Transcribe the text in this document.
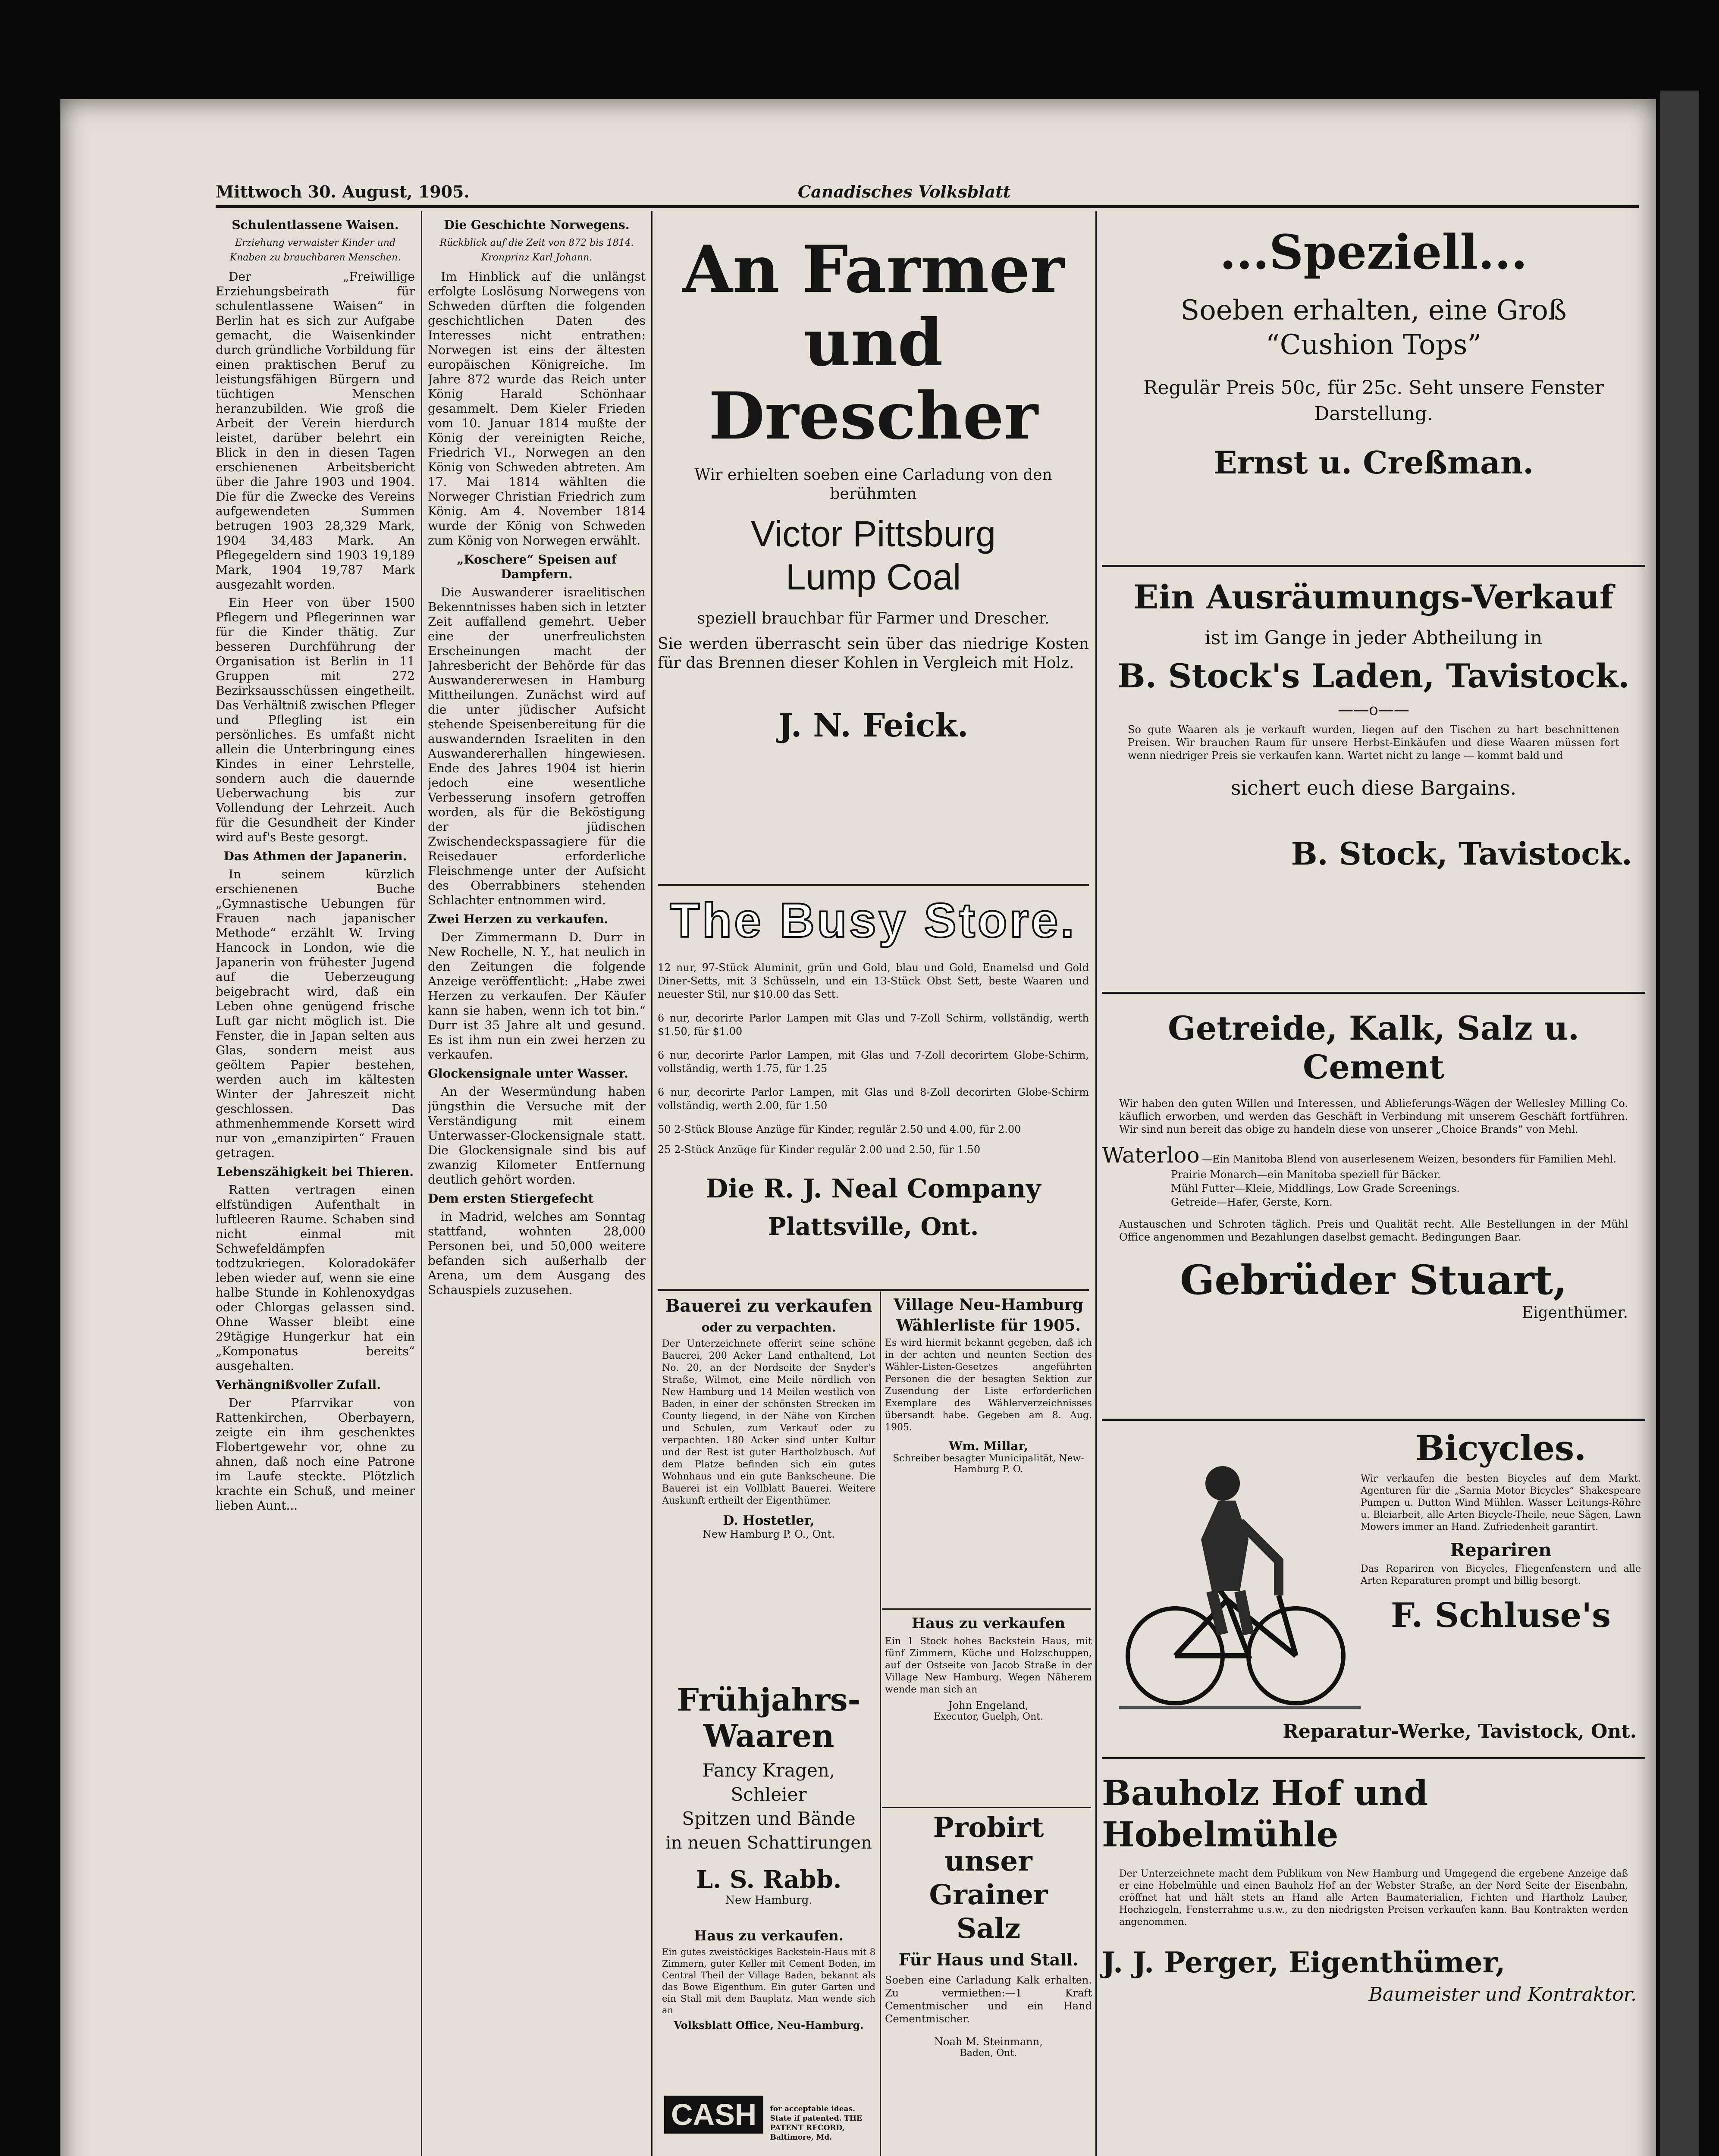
Mittwoch 30. August, 1905.	Canadisches Volksblatt
Schulentlassene Waisen.
Erziehung verwaister Kinder und Knaben zu brauchbaren Menschen.

Der „Freiwillige Erziehungsbeirath für schulentlassene Waisen“ in Berlin hat es sich zur Aufgabe gemacht, die Waisenkinder durch gründliche Vorbildung für einen praktischen Beruf zu leistungsfähigen Bürgern und tüchtigen Menschen heranzubilden. Wie groß die Arbeit der Verein hierdurch leistet, darüber belehrt ein Blick in den in diesen Tagen erschienenen Arbeitsbericht über die Jahre 1903 und 1904. Die für die Zwecke des Vereins aufgewendeten Summen betrugen 1903 28,329 Mark, 1904 34,483 Mark. An Pflegegeldern sind 1903 19,189 Mark, 1904 19,787 Mark ausgezahlt worden.

Ein Heer von über 1500 Pflegern und Pflegerinnen war für die Kinder thätig. Zur besseren Durchführung der Organisation ist Berlin in 11 Gruppen mit 272 Bezirksausschüssen eingetheilt. Das Verhältniß zwischen Pfleger und Pflegling ist ein persönliches. Es umfaßt nicht allein die Unterbringung eines Kindes in einer Lehrstelle, sondern auch die dauernde Ueberwachung bis zur Vollendung der Lehrzeit. Auch für die Gesundheit der Kinder wird auf's Beste gesorgt.

Das Athmen der Japanerin.

In seinem kürzlich erschienenen Buche „Gymnastische Uebungen für Frauen nach japanischer Methode“ erzählt W. Irving Hancock in London, wie die Japanerin von frühester Jugend auf die Ueberzeugung beigebracht wird, daß ein Leben ohne genügend frische Luft gar nicht möglich ist. Die Fenster, die in Japan selten aus Glas, sondern meist aus geöltem Papier bestehen, werden auch im kältesten Winter der Jahreszeit nicht geschlossen. Das athmenhemmende Korsett wird nur von „emanzipirten“ Frauen getragen.

Lebenszähigkeit bei Thieren.

Ratten vertragen einen elfstündigen Aufenthalt in luftleeren Raume. Schaben sind nicht einmal mit Schwefeldämpfen todtzukriegen. Koloradokäfer leben wieder auf, wenn sie eine halbe Stunde in Kohlenoxydgas oder Chlorgas gelassen sind. Ohne Wasser bleibt eine 29tägige Hungerkur hat ein „Komponatus bereits“ ausgehalten.

Verhängnißvoller Zufall.

Der Pfarrvikar von Rattenkirchen, Oberbayern, zeigte ein ihm geschenktes Flobertgewehr vor, ohne zu ahnen, daß noch eine Patrone im Laufe steckte. Plötzlich krachte ein Schuß, und meiner lieben Aunt...

Die Geschichte Norwegens.
Rückblick auf die Zeit von 872 bis 1814. Kronprinz Karl Johann.

Im Hinblick auf die unlängst erfolgte Loslösung Norwegens von Schweden dürften die folgenden geschichtlichen Daten des Interesses nicht entrathen: Norwegen ist eins der ältesten europäischen Königreiche. Im Jahre 872 wurde das Reich unter König Harald Schönhaar gesammelt. Dem Kieler Frieden vom 10. Januar 1814 mußte der König der vereinigten Reiche, Friedrich VI., Norwegen an den König von Schweden abtreten. Am 17. Mai 1814 wählten die Norweger Christian Friedrich zum König. Am 4. November 1814 wurde der König von Schweden zum König von Norwegen erwählt.

„Koschere“ Speisen auf Dampfern.

Die Auswanderer israelitischen Bekenntnisses haben sich in letzter Zeit auffallend gemehrt. Ueber eine der unerfreulichsten Erscheinungen macht der Jahresbericht der Behörde für das Auswandererwesen in Hamburg Mittheilungen. Zunächst wird auf die unter jüdischer Aufsicht stehende Speisenbereitung für die auswandernden Israeliten in den Auswandererhallen hingewiesen. Ende des Jahres 1904 ist hierin jedoch eine wesentliche Verbesserung insofern getroffen worden, als für die Beköstigung der jüdischen Zwischendeckspassagiere für die Reisedauer erforderliche Fleischmenge unter der Aufsicht des Oberrabbiners stehenden Schlachter entnommen wird.

Zwei Herzen zu verkaufen.

Der Zimmermann D. Durr in New Rochelle, N. Y., hat neulich in den Zeitungen die folgende Anzeige veröffentlicht: „Habe zwei Herzen zu verkaufen. Der Käufer kann sie haben, wenn ich tot bin.“ Durr ist 35 Jahre alt und gesund. Es ist ihm nun ein zwei herzen zu verkaufen.

Glockensignale unter Wasser.

An der Wesermündung haben jüngsthin die Versuche mit der Verständigung mit einem Unterwasser-Glockensignale statt. Die Glockensignale sind bis auf zwanzig Kilometer Entfernung deutlich gehört worden.

Dem ersten Stiergefecht

in Madrid, welches am Sonntag stattfand, wohnten 28,000 Personen bei, und 50,000 weitere befanden sich außerhalb der Arena, um dem Ausgang des Schauspiels zuzusehen.

An Farmer
und Drescher
Wir erhielten soeben eine Carladung von den berühmten
Victor Pittsburg
Lump Coal
speziell brauchbar für Farmer und Drescher.
Sie werden überrascht sein über das niedrige Kosten für das Brennen dieser Kohlen in Vergleich mit Holz.
J. N. Feick.
The Busy Store.
12 nur, 97-Stück Aluminit, grün und Gold, blau und Gold, Enamelsd und Gold Diner-Setts, mit 3 Schüsseln, und ein 13-Stück Obst Sett, beste Waaren und neuester Stil, nur $10.00 das Sett.
6 nur, decorirte Parlor Lampen mit Glas und 7-Zoll Schirm, vollständig, werth $1.50, für $1.00
6 nur, decorirte Parlor Lampen, mit Glas und 7-Zoll decorirtem Globe-Schirm, vollständig, werth 1.75, für 1.25
6 nur, decorirte Parlor Lampen, mit Glas und 8-Zoll decorirten Globe-Schirm vollständig, werth 2.00, für 1.50
50 2-Stück Blouse Anzüge für Kinder, regulär 2.50 und 4.00, für 2.00
25 2-Stück Anzüge für Kinder regulär 2.00 und 2.50, für 1.50
Die R. J. Neal Company
Plattsville, Ont.
Bauerei zu verkaufen
oder zu verpachten.
Der Unterzeichnete offerirt seine schöne Bauerei, 200 Acker Land enthaltend, Lot No. 20, an der Nordseite der Snyder's Straße, Wilmot, eine Meile nördlich von New Hamburg und 14 Meilen westlich von Baden, in einer der schönsten Strecken im County liegend, in der Nähe von Kirchen und Schulen, zum Verkauf oder zu verpachten. 180 Acker sind unter Kultur und der Rest ist guter Hartholzbusch. Auf dem Platze befinden sich ein gutes Wohnhaus und ein gute Bankscheune. Die Bauerei ist ein Vollblatt Bauerei. Weitere Auskunft ertheilt der Eigenthümer.
D. Hostetler,
New Hamburg P. O., Ont.
Village Neu-Hamburg
Wählerliste für 1905.
Es wird hiermit bekannt gegeben, daß ich in der achten und neunten Section des Wähler-Listen-Gesetzes angeführten Personen die der besagten Sektion zur Zusendung der Liste erforderlichen Exemplare des Wählerverzeichnisses übersandt habe. Gegeben am 8. Aug. 1905.
Wm. Millar,
Schreiber besagter Municipalität, New-Hamburg P. O.
Haus zu verkaufen
Ein 1 Stock hohes Backstein Haus, mit fünf Zimmern, Küche und Holzschuppen, auf der Ostseite von Jacob Straße in der Village New Hamburg. Wegen Näherem wende man sich an
John Engeland,
Executor, Guelph, Ont.
Frühjahrs-
Waaren
Fancy Kragen, Schleier
Spitzen und Bände
in neuen Schattirungen
L. S. Rabb.
New Hamburg.
Haus zu verkaufen.
Ein gutes zweistöckiges Backstein-Haus mit 8 Zimmern, guter Keller mit Cement Boden, im Central Theil der Village Baden, bekannt als das Bowe Eigenthum. Ein guter Garten und ein Stall mit dem Bauplatz. Man wende sich an
Volksblatt Office, Neu-Hamburg.
CASH for acceptable ideas. State if patented. THE PATENT RECORD, Baltimore, Md.
Probirt unser
Grainer
Salz
Für Haus und Stall.
Soeben eine Carladung Kalk erhalten. Zu vermiethen:—1 Kraft Cementmischer und ein Hand Cementmischer.
Noah M. Steinmann,
Baden, Ont.
...Speziell...
Soeben erhalten, eine Groß
“Cushion Tops”
Regulär Preis 50c, für 25c. Seht unsere Fenster Darstellung.
Ernst u. Creßman.
Ein Ausräumungs-Verkauf
ist im Gange in jeder Abtheilung in
B. Stock's Laden, Tavistock.
——o——
So gute Waaren als je verkauft wurden, liegen auf den Tischen zu hart beschnittenen Preisen. Wir brauchen Raum für unsere Herbst-Einkäufen und diese Waaren müssen fort wenn niedriger Preis sie verkaufen kann. Wartet nicht zu lange — kommt bald und
sichert euch diese Bargains.
B. Stock, Tavistock.
Getreide, Kalk, Salz u. Cement
Wir haben den guten Willen und Interessen, und Ablieferungs-Wägen der Wellesley Milling Co. käuflich erworben, und werden das Geschäft in Verbindung mit unserem Geschäft fortführen. Wir sind nun bereit das obige zu handeln diese von unserer „Choice Brands“ von Mehl.
Waterloo —Ein Manitoba Blend von auserlesenem Weizen, besonders für Familien Mehl.
Prairie Monarch—ein Manitoba speziell für Bäcker.
Mühl Futter—Kleie, Middlings, Low Grade Screenings.
Getreide—Hafer, Gerste, Korn.
Austauschen und Schroten täglich. Preis und Qualität recht. Alle Bestellungen in der Mühl Office angenommen und Bezahlungen daselbst gemacht. Bedingungen Baar.
Gebrüder Stuart,
Eigenthümer.
Bicycles.
Wir verkaufen die besten Bicycles auf dem Markt. Agenturen für die „Sarnia Motor Bicycles“ Shakespeare Pumpen u. Dutton Wind Mühlen. Wasser Leitungs-Röhre u. Bleiarbeit, alle Arten Bicycle-Theile, neue Sägen, Lawn Mowers immer an Hand. Zufriedenheit garantirt.
Repariren
Das Repariren von Bicycles, Fliegenfenstern und alle Arten Reparaturen prompt und billig besorgt.
F. Schluse's
Reparatur-Werke, Tavistock, Ont.
Bauholz Hof und
Hobelmühle
Der Unterzeichnete macht dem Publikum von New Hamburg und Umgegend die ergebene Anzeige daß er eine Hobelmühle und einen Bauholz Hof an der Webster Straße, an der Nord Seite der Eisenbahn, eröffnet hat und hält stets an Hand alle Arten Baumaterialien, Fichten und Hartholz Lauber, Hochziegeln, Fensterrahme u.s.w., zu den niedrigsten Preisen verkaufen kann. Bau Kontrakten werden angenommen.
J. J. Perger, Eigenthümer,
Baumeister und Kontraktor.
